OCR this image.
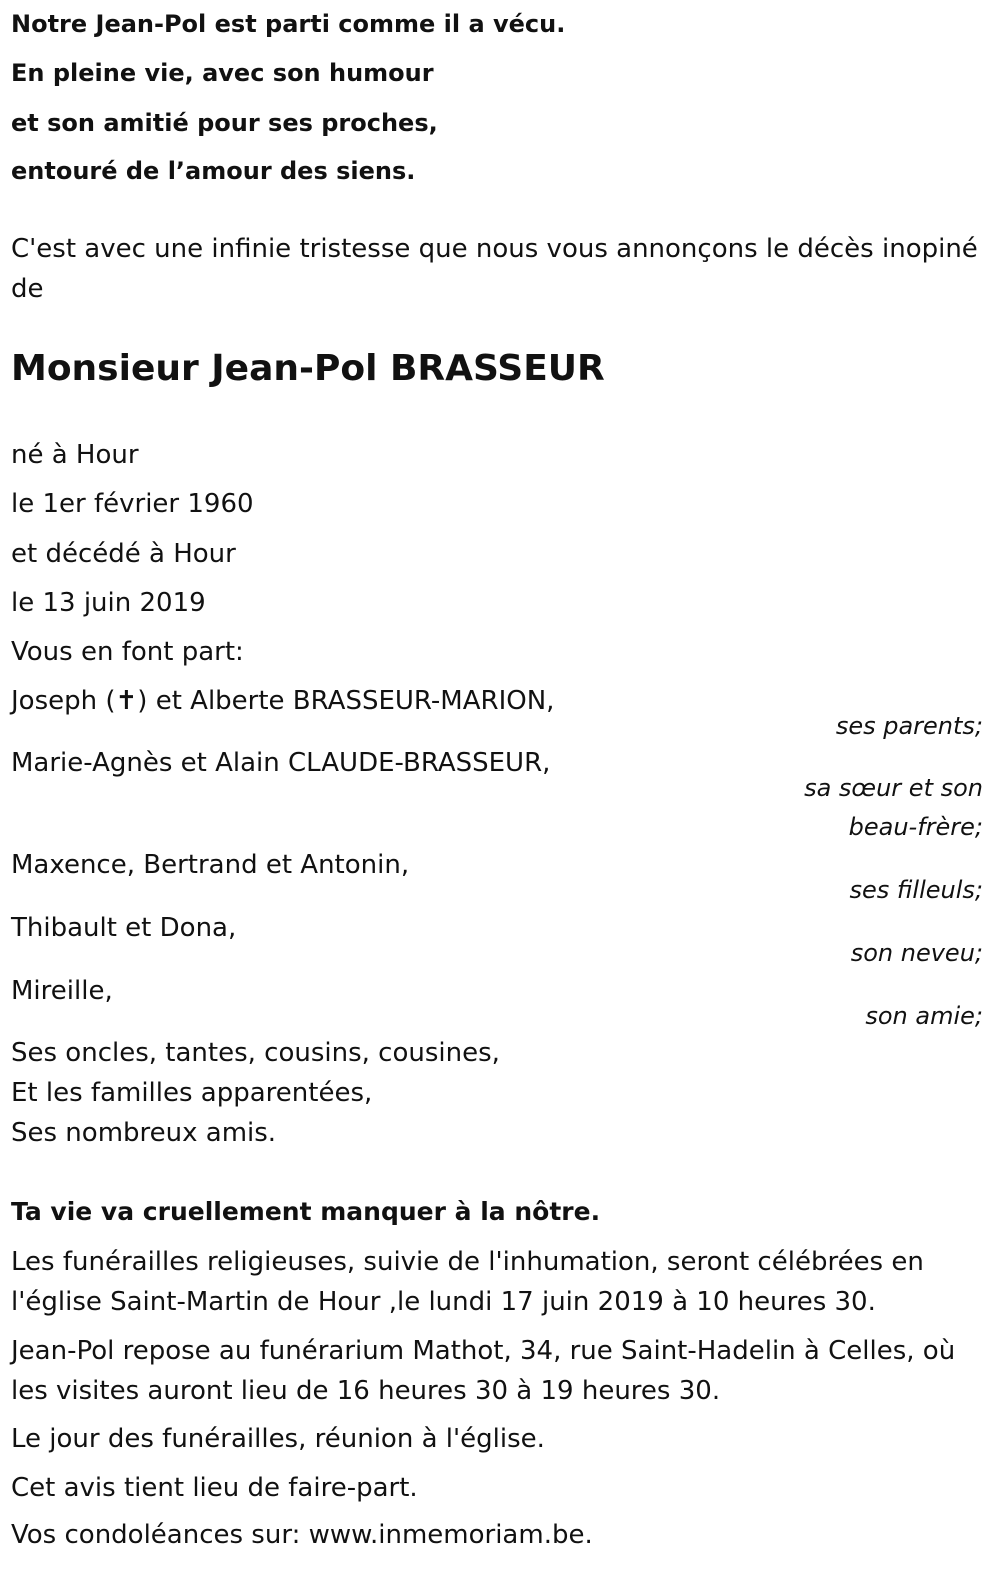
Notre Jean-Pol est parti comme il a vécu.
En pleine vie, avec son humour
et son amitié pour ses proches,
entouré de l’amour des siens.
C'est avec une infinie tristesse que nous vous annonçons le décès inopiné
de
Monsieur Jean-Pol BRASSEUR
né à Hour
le 1er février 1960
et décédé à Hour
le 13 juin 2019
Vous en font part:
Joseph (✝) et Alberte BRASSEUR-MARION,
ses parents;
Marie-Agnès et Alain CLAUDE-BRASSEUR,
sa sœur et son
beau-frère;
Maxence, Bertrand et Antonin,
ses filleuls;
Thibault et Dona,
son neveu;
Mireille,
son amie;
Ses oncles, tantes, cousins, cousines,
Et les familles apparentées,
Ses nombreux amis.
Ta vie va cruellement manquer à la nôtre.
Les funérailles religieuses, suivie de l'inhumation, seront célébrées en l'église Saint-Martin de Hour ,le lundi 17 juin 2019 à 10 heures 30.
Jean-Pol repose au funérarium Mathot, 34, rue Saint-Hadelin à Celles, où les visites auront lieu de 16 heures 30 à 19 heures 30.
Le jour des funérailles, réunion à l'église.
Cet avis tient lieu de faire-part.
Vos condoléances sur: www.inmemoriam.be.
